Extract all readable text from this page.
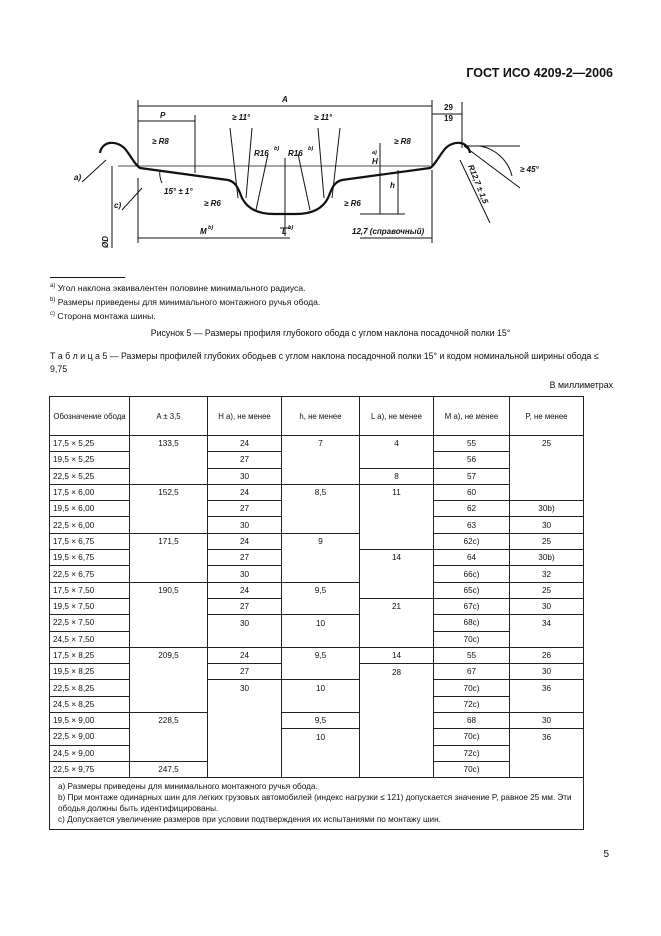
ГОСТ ИСО 4209-2—2006
A
P
29
19
≥ 11°	≥ 11°
≥ R8	≥ R8
R16 b) R16 b)
H
a)
h
a)
c)
15° ± 1°
≥ R6	≥ R6	R12,7 ± 1,5	≥ 45°
ØD
M b)	L b)	12,7 (справочный)
$^{a)}$ Угол наклона эквивалентен половине минимального радиуса.
$^{b)}$ Размеры приведены для минимального монтажного ручья обода.
$^{c)}$ Сторона монтажа шины.
Рисунок 5 — Размеры профиля глубокого обода с углом наклона посадочной полки 15°
Т а б л и ц а 5 — Размеры профилей глубоких ободьев с углом наклона посадочной полки 15° и кодом номинальной ширины обода ≤ 9,75
В миллиметрах
Обозначение обода	A ± 3,5	H a), не менее	h, не менее	L a), не менее	M a), не менее	P, не менее
17,5 × 5,25	133,5	24	7	4	55	25
19,5 × 5,25		27			56	
22,5 × 5,25		30		8	57	
17,5 × 6,00	152,5	24	8,5	11	60	
19,5 × 6,00		27			62	30b)
22,5 × 6,00		30			63	30
17,5 × 6,75	171,5	24	9		62c)	25
19,5 × 6,75		27		14	64	30b)
22,5 × 6,75		30			66c)	32
17,5 × 7,50	190,5	24	9,5		65c)	25
19,5 × 7,50		27		21	67c)	30
22,5 × 7,50		30	10		68c)	34
24,5 × 7,50					70c)	
17,5 × 8,25	209,5	24	9,5	14	55	26
19,5 × 8,25		27		28	67	30
22,5 × 8,25		30	10		70c)	36
24,5 × 8,25					72c)	
19,5 × 9,00	228,5		9,5		68	30
22,5 × 9,00			10		70c)	36
24,5 × 9,00					72c)	
22,5 × 9,75	247,5				70c)	

a) Размеры приведены для минимального монтажного ручья обода.
b) При монтаже одинарных шин для легких грузовых автомобилей (индекс нагрузки ≤ 121) допускается значение P, равное 25 мм. Эти ободья должны быть идентифицированы.
c) Допускается увеличение размеров при условии подтверждения их испытаниями по монтажу шин.						
5
